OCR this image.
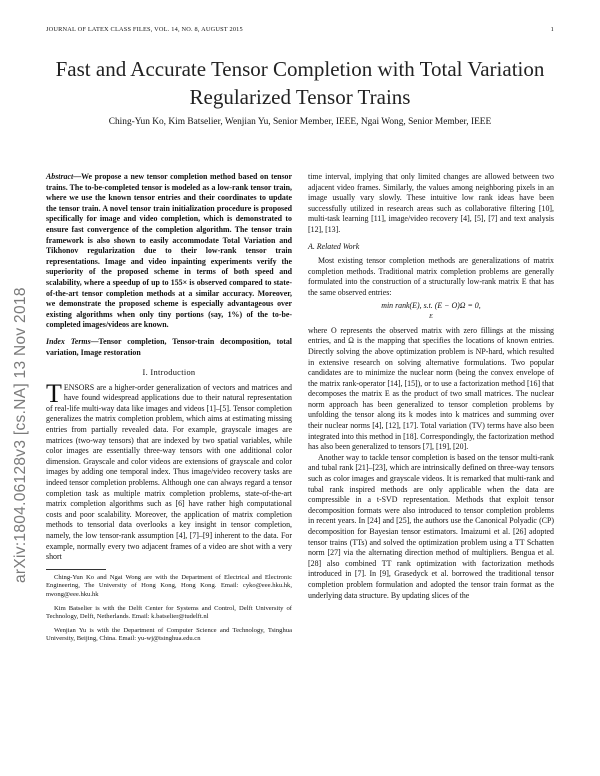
JOURNAL OF LATEX CLASS FILES, VOL. 14, NO. 8, AUGUST 2015	1
Fast and Accurate Tensor Completion with Total Variation Regularized Tensor Trains
Ching-Yun Ko, Kim Batselier, Wenjian Yu, Senior Member, IEEE, Ngai Wong, Senior Member, IEEE
arXiv:1804.06128v3 [cs.NA] 13 Nov 2018

Abstract—We propose a new tensor completion method based on tensor trains. The to-be-completed tensor is modeled as a low-rank tensor train, where we use the known tensor entries and their coordinates to update the tensor train. A novel tensor train initialization procedure is proposed specifically for image and video completion, which is demonstrated to ensure fast convergence of the completion algorithm. The tensor train framework is also shown to easily accommodate Total Variation and Tikhonov regularization due to their low-rank tensor train representations. Image and video inpainting experiments verify the superiority of the proposed scheme in terms of both speed and scalability, where a speedup of up to 155× is observed compared to state-of-the-art tensor completion methods at a similar accuracy. Moreover, we demonstrate the proposed scheme is especially advantageous over existing algorithms when only tiny portions (say, 1%) of the to-be-completed images/videos are known.

Index Terms—Tensor completion, Tensor-train decomposition, total variation, Image restoration

I. Introduction

TENSORS are a higher-order generalization of vectors and matrices and have found widespread applications due to their natural representation of real-life multi-way data like images and videos [1]–[5]. Tensor completion generalizes the matrix completion problem, which aims at estimating missing entries from partially revealed data. For example, grayscale images are matrices (two-way tensors) that are indexed by two spatial variables, while color images are essentially three-way tensors with one additional color dimension. Grayscale and color videos are extensions of grayscale and color images by adding one temporal index. Thus image/video recovery tasks are indeed tensor completion problems. Although one can always regard a tensor completion task as multiple matrix completion problems, state-of-the-art matrix completion algorithms such as [6] have rather high computational costs and poor scalability. Moreover, the application of matrix completion methods to tensorial data overlooks a key insight in tensor completion, namely, the low tensor-rank assumption [4], [7]–[9] inherent to the data. For example, normally every two adjacent frames of a video are shot with a very short

Ching-Yun Ko and Ngai Wong are with the Department of Electrical and Electronic Engineering, The University of Hong Kong, Hong Kong. Email: cyko@eee.hku.hk, nwong@eee.hku.hk

Kim Batselier is with the Delft Center for Systems and Control, Delft University of Technology, Delft, Netherlands. Email: k.batselier@tudelft.nl

Wenjian Yu is with the Department of Computer Science and Technology, Tsinghua University, Beijing, China. Email: yu-wj@tsinghua.edu.cn

time interval, implying that only limited changes are allowed between two adjacent video frames. Similarly, the values among neighboring pixels in an image usually vary slowly. These intuitive low rank ideas have been successfully utilized in research areas such as collaborative filtering [10], multi-task learning [11], image/video recovery [4], [5], [7] and text analysis [12], [13].

A. Related Work

Most existing tensor completion methods are generalizations of matrix completion methods. Traditional matrix completion problems are generally formulated into the construction of a structurally low-rank matrix E that has the same observed entries:

min rank(E), s.t. (E − O)Ω = 0,
E

where O represents the observed matrix with zero fillings at the missing entries, and Ω is the mapping that specifies the locations of known entries. Directly solving the above optimization problem is NP-hard, which resulted in extensive research on solving alternative formulations. Two popular candidates are to minimize the nuclear norm (being the convex envelope of the matrix rank-operator [14], [15]), or to use a factorization method [16] that decomposes the matrix E as the product of two small matrices. The nuclear norm approach has been generalized to tensor completion problems by unfolding the tensor along its k modes into k matrices and summing over their nuclear norms [4], [12], [17]. Total variation (TV) terms have also been integrated into this method in [18]. Correspondingly, the factorization method has also been generalized to tensors [7], [19], [20].

Another way to tackle tensor completion is based on the tensor multi-rank and tubal rank [21]–[23], which are intrinsically defined on three-way tensors such as color images and grayscale videos. It is remarked that multi-rank and tubal rank inspired methods are only applicable when the data are compressible in a t-SVD representation. Methods that exploit tensor decomposition formats were also introduced to tensor completion problems in recent years. In [24] and [25], the authors use the Canonical Polyadic (CP) decomposition for Bayesian tensor estimators. Imaizumi et al. [26] adopted tensor trains (TTs) and solved the optimization problem using a TT Schatten norm [27] via the alternating direction method of multipliers. Bengua et al. [28] also combined TT rank optimization with factorization methods introduced in [7]. In [9], Grasedyck et al. borrowed the traditional tensor completion problem formulation and adopted the tensor train format as the underlying data structure. By updating slices of the
